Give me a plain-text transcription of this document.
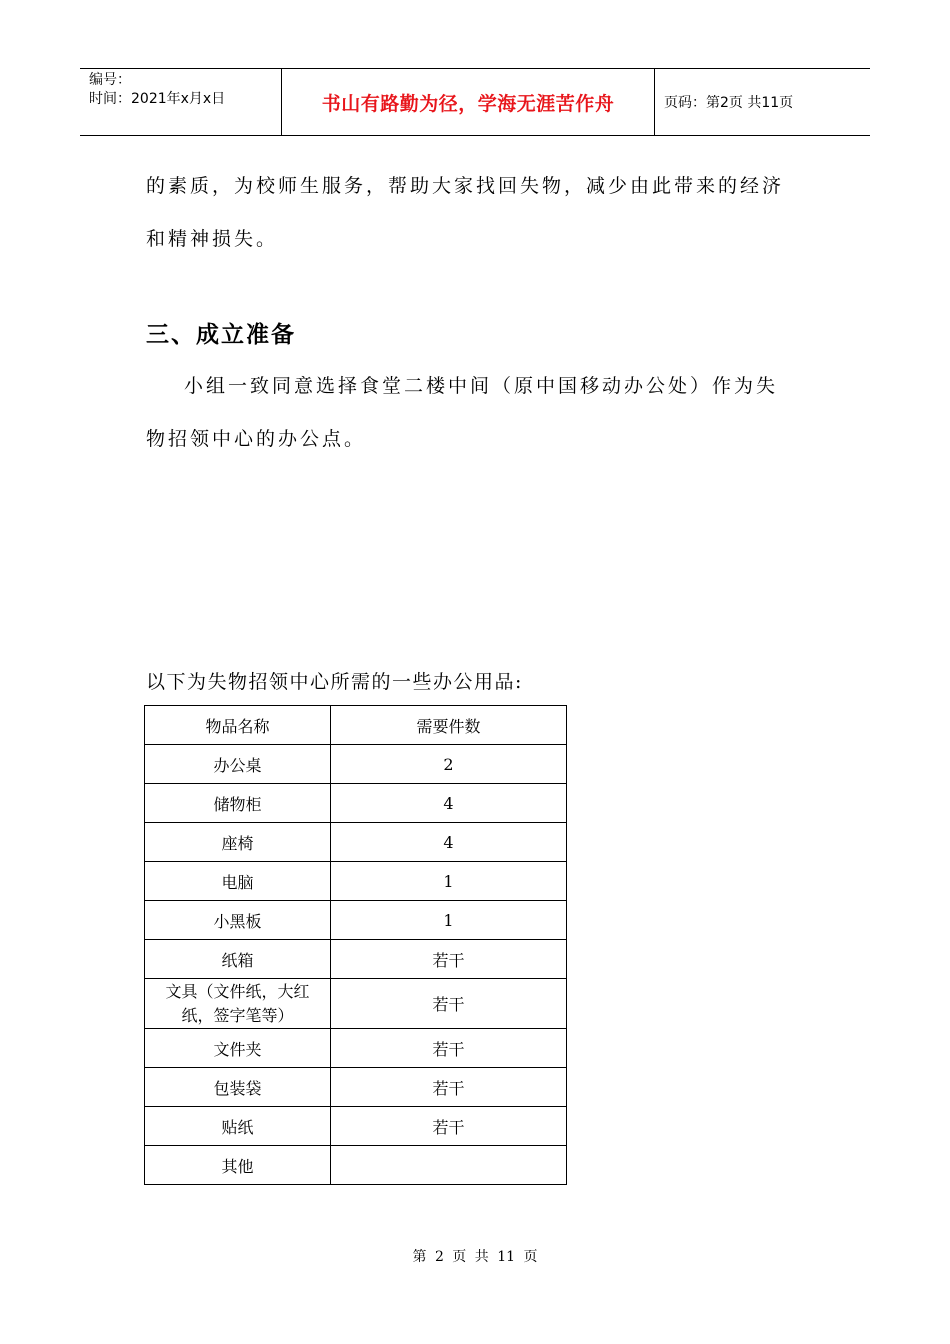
编号：
时间：2021年x月x日	书山有路勤为径，学海无涯苦作舟	页码：第2页 共11页
的素质，为校师生服务，帮助大家找回失物，减少由此带来的经济
和精神损失。
三、成立准备
小组一致同意选择食堂二楼中间（原中国移动办公处）作为失
物招领中心的办公点。
以下为失物招领中心所需的一些办公用品:
物品名称	需要件数
办公桌	2
储物柜	4
座椅	4
电脑	1
小黑板	1
纸箱	若干
文具（文件纸，大红纸，签字笔等）	若干
文件夹	若干
包装袋	若干
贴纸	若干
其他	
第 2 页 共 11 页
